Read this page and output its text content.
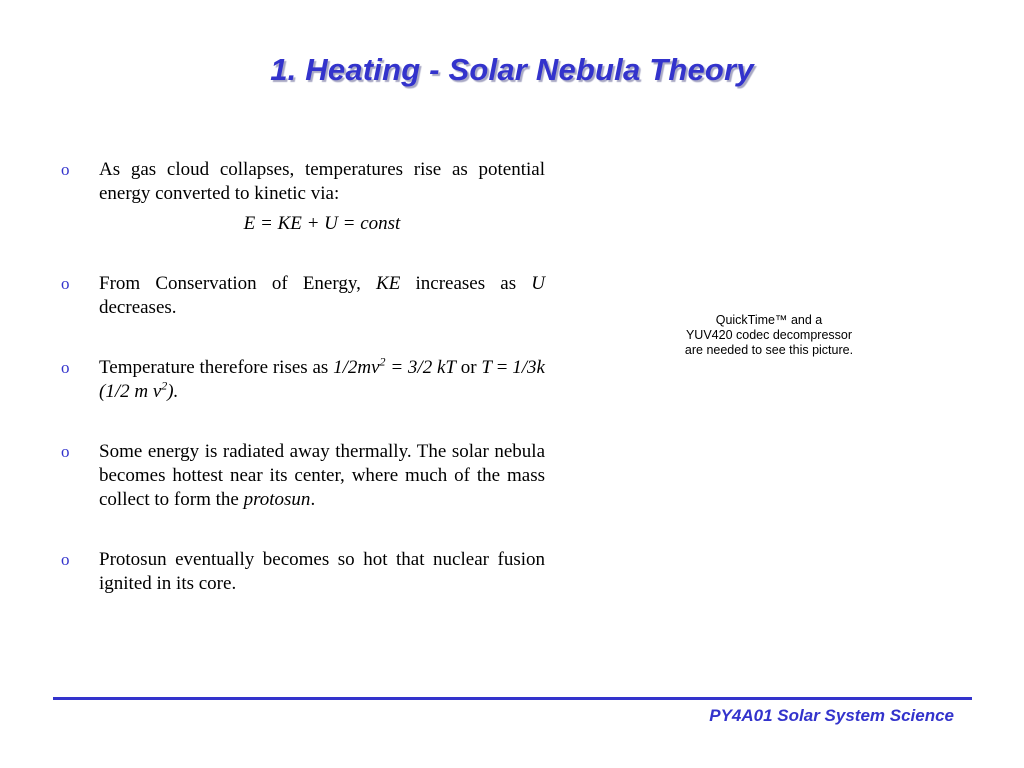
1. Heating - Solar Nebula Theory
o	As gas cloud collapses, temperatures rise as potential energy converted to kinetic via:
E = KE + U = const
o	From Conservation of Energy, KE increases as U decreases.
o	Temperature therefore rises as $1/2mv^2 = 3/2$ kT or T = 1/3k (1/2 m $v^2$).
o	Some energy is radiated away thermally. The solar nebula becomes hottest near its center, where much of the mass collect to form the protosun.
o	Protosun eventually becomes so hot that nuclear fusion ignited in its core.
QuickTime™ and a
YUV420 codec decompressor
are needed to see this picture.
PY4A01 Solar System Science
